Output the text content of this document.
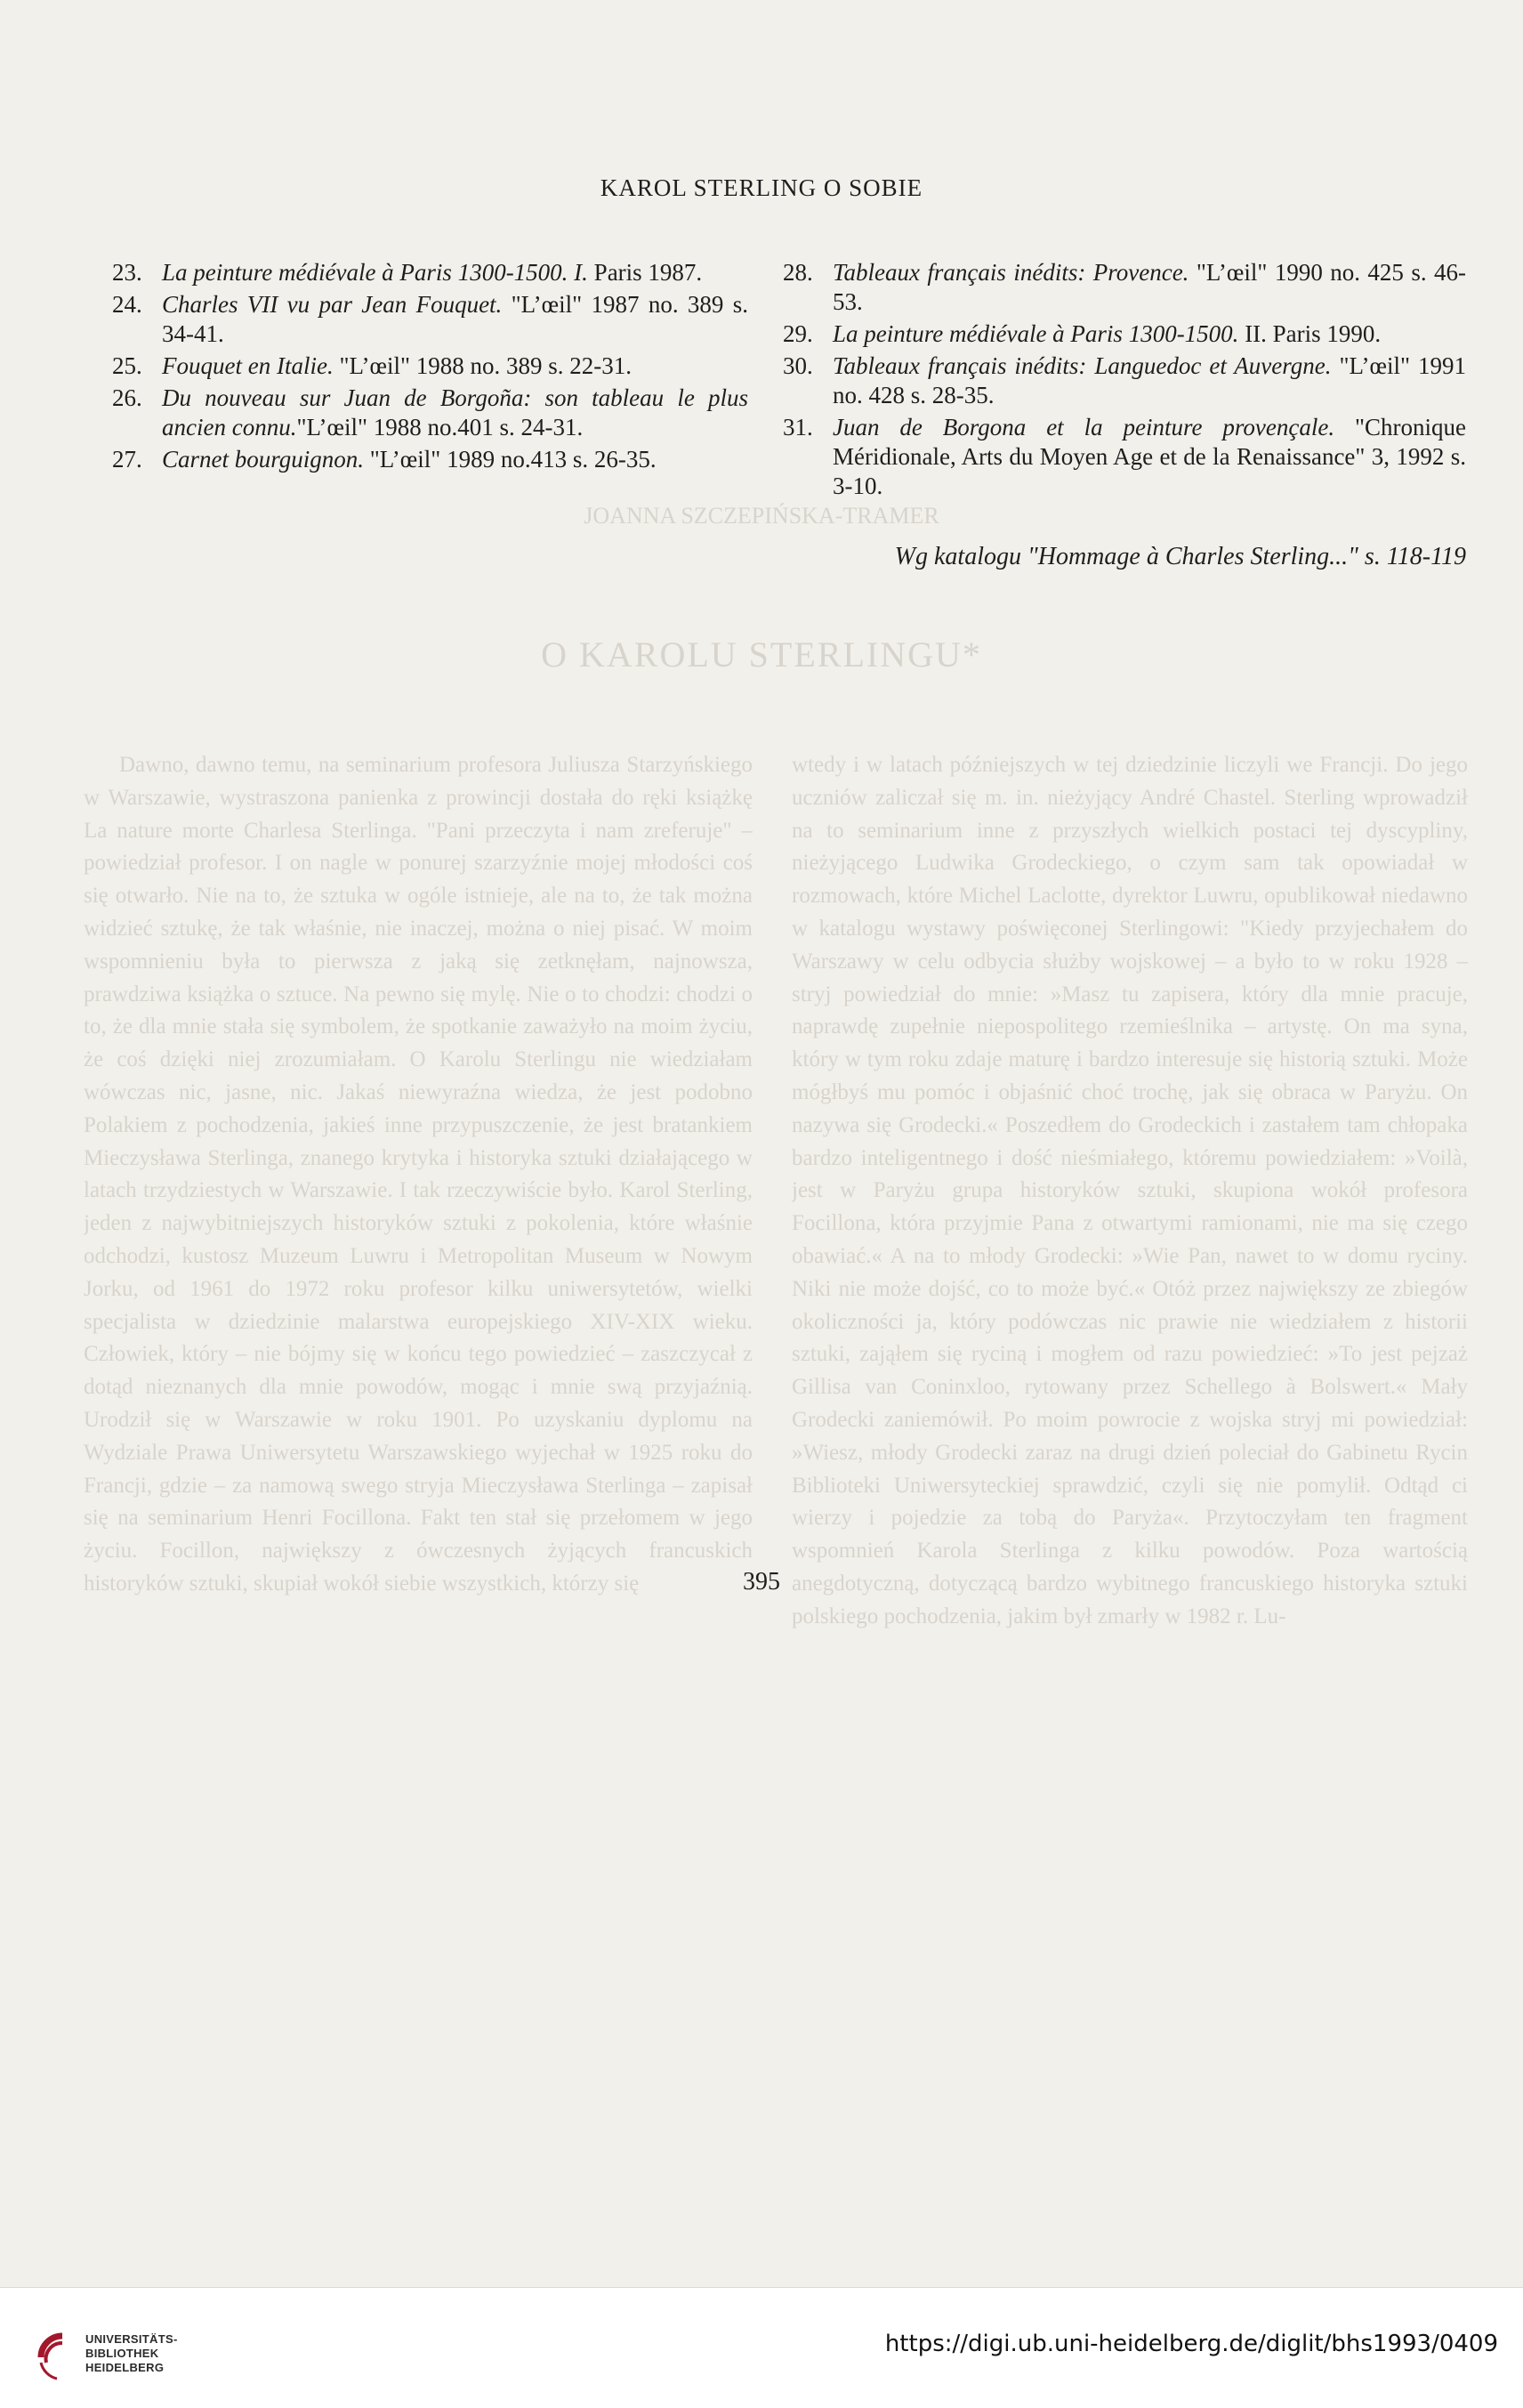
JOANNA SZCZEPIŃSKA-TRAMER
O KAROLU STERLINGU*

Dawno, dawno temu, na seminarium profesora Juliusza Starzyńskiego w Warszawie, wystraszona panienka z prowincji dostała do ręki książkę La nature morte Charlesa Sterlinga. "Pani przeczyta i nam zreferuje" – powiedział profesor. I on nagle w ponurej szarzyźnie mojej młodości coś się otwarło. Nie na to, że sztuka w ogóle istnieje, ale na to, że tak można widzieć sztukę, że tak właśnie, nie inaczej, można o niej pisać. W moim wspomnieniu była to pierwsza z jaką się zetknęłam, najnowsza, prawdziwa książka o sztuce. Na pewno się mylę. Nie o to chodzi: chodzi o to, że dla mnie stała się symbolem, że spotkanie zaważyło na moim życiu, że coś dzięki niej zrozumiałam. O Karolu Sterlingu nie wiedziałam wówczas nic, jasne, nic. Jakaś niewyraźna wiedza, że jest podobno Polakiem z pochodzenia, jakieś inne przypuszczenie, że jest bratankiem Mieczysława Sterlinga, znanego krytyka i historyka sztuki działającego w latach trzydziestych w Warszawie. I tak rzeczywiście było. Karol Sterling, jeden z najwybitniejszych historyków sztuki z pokolenia, które właśnie odchodzi, kustosz Muzeum Luwru i Metropolitan Museum w Nowym Jorku, od 1961 do 1972 roku profesor kilku uniwersytetów, wielki specjalista w dziedzinie malarstwa europejskiego XIV-XIX wieku. Człowiek, który – nie bójmy się w końcu tego powiedzieć – zaszczycał z dotąd nieznanych dla mnie powodów, mogąc i mnie swą przyjaźnią. Urodził się w Warszawie w roku 1901. Po uzyskaniu dyplomu na Wydziale Prawa Uniwersytetu Warszawskiego wyjechał w 1925 roku do Francji, gdzie – za namową swego stryja Mieczysława Sterlinga – zapisał się na seminarium Henri Focillona. Fakt ten stał się przełomem w jego życiu. Focillon, największy z ówczesnych żyjących francuskich historyków sztuki, skupiał wokół siebie wszystkich, którzy się

wtedy i w latach późniejszych w tej dziedzinie liczyli we Francji. Do jego uczniów zaliczał się m. in. nieżyjący André Chastel. Sterling wprowadził na to seminarium inne z przyszłych wielkich postaci tej dyscypliny, nieżyjącego Ludwika Grodeckiego, o czym sam tak opowiadał w rozmowach, które Michel Laclotte, dyrektor Luwru, opublikował niedawno w katalogu wystawy poświęconej Sterlingowi: "Kiedy przyjechałem do Warszawy w celu odbycia służby wojskowej – a było to w roku 1928 – stryj powiedział do mnie: »Masz tu zapisera, który dla mnie pracuje, naprawdę zupełnie niepospolitego rzemieślnika – artystę. On ma syna, który w tym roku zdaje maturę i bardzo interesuje się historią sztuki. Może mógłbyś mu pomóc i objaśnić choć trochę, jak się obraca w Paryżu. On nazywa się Grodecki.« Poszedłem do Grodeckich i zastałem tam chłopaka bardzo inteligentnego i dość nieśmiałego, któremu powiedziałem: »Voilà, jest w Paryżu grupa historyków sztuki, skupiona wokół profesora Focillona, która przyjmie Pana z otwartymi ramionami, nie ma się czego obawiać.« A na to młody Grodecki: »Wie Pan, nawet to w domu ryciny. Niki nie może dojść, co to może być.« Otóż przez największy ze zbiegów okoliczności ja, który podówczas nic prawie nie wiedziałem z historii sztuki, zająłem się ryciną i mogłem od razu powiedzieć: »To jest pejzaż Gillisa van Coninxloo, rytowany przez Schellego à Bolswert.« Mały Grodecki zaniemówił. Po moim powrocie z wojska stryj mi powiedział: »Wiesz, młody Grodecki zaraz na drugi dzień poleciał do Gabinetu Rycin Biblioteki Uniwersyteckiej sprawdzić, czyli się nie pomylił. Odtąd ci wierzy i pojedzie za tobą do Paryża«. Przytoczyłam ten fragment wspomnień Karola Sterlinga z kilku powodów. Poza wartością anegdotyczną, dotyczącą bardzo wybitnego francuskiego historyka sztuki polskiego pochodzenia, jakim był zmarły w 1982 r. Lu-

KAROL STERLING O SOBIE
23. La peinture médiévale à Paris 1300-1500. I. Paris 1987.
24. Charles VII vu par Jean Fouquet. "L’œil" 1987 no. 389 s. 34-41.
25. Fouquet en Italie. "L’œil" 1988 no. 389 s. 22-31.
26. Du nouveau sur Juan de Borgoña: son tableau le plus ancien connu."L’œil" 1988 no.401 s. 24-31.
27. Carnet bourguignon. "L’œil" 1989 no.413 s. 26-35.
28. Tableaux français inédits: Provence. "L’œil" 1990 no. 425 s. 46-53.
29. La peinture médiévale à Paris 1300-1500. II. Paris 1990.
30. Tableaux français inédits: Languedoc et Auvergne. "L’œil" 1991 no. 428 s. 28-35.
31. Juan de Borgona et la peinture provençale. "Chronique Méridionale, Arts du Moyen Age et de la Renaissance" 3, 1992 s. 3-10.
Wg katalogu "Hommage à Charles Sterling..." s. 118-119
395
UNIVERSITÄTS-
BIBLIOTHEK
HEIDELBERG
https://digi.ub.uni-heidelberg.de/diglit/bhs1993/0409
